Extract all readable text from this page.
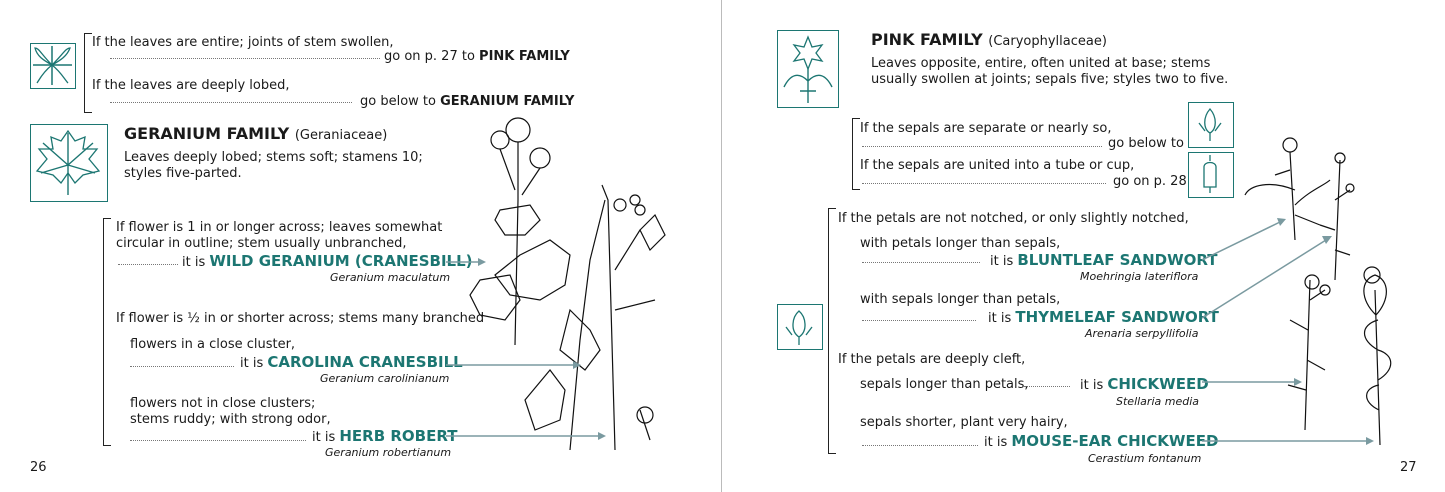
If the leaves are entire; joints of stem swollen,
go on p. 27 to PINK FAMILY
If the leaves are deeply lobed,
go below to GERANIUM FAMILY
GERANIUM FAMILY (Geraniaceae)
Leaves deeply lobed; stems soft; stamens 10;
styles five-parted.
If flower is 1 in or longer across; leaves somewhat
circular in outline; stem usually unbranched,
it is WILD GERANIUM (CRANESBILL)
Geranium maculatum
If flower is ½ in or shorter across; stems many branched
flowers in a close cluster,
it is CAROLINA CRANESBILL
Geranium carolinianum
flowers not in close clusters;
stems ruddy; with strong odor,
it is HERB ROBERT
Geranium robertianum
26
PINK FAMILY (Caryophyllaceae)
Leaves opposite, entire, often united at base; stems
usually swollen at joints; sepals five; styles two to five.
If the sepals are separate or nearly so,
go below to
If the sepals are united into a tube or cup,
go on p. 28
If the petals are not notched, or only slightly notched,
with petals longer than sepals,
it is BLUNTLEAF SANDWORT
Moehringia lateriflora
with sepals longer than petals,
it is THYMELEAF SANDWORT
Arenaria serpyllifolia
If the petals are deeply cleft,
sepals longer than petals,	it is CHICKWEED
Stellaria media
sepals shorter, plant very hairy,
it is MOUSE-EAR CHICKWEED
Cerastium fontanum
27
